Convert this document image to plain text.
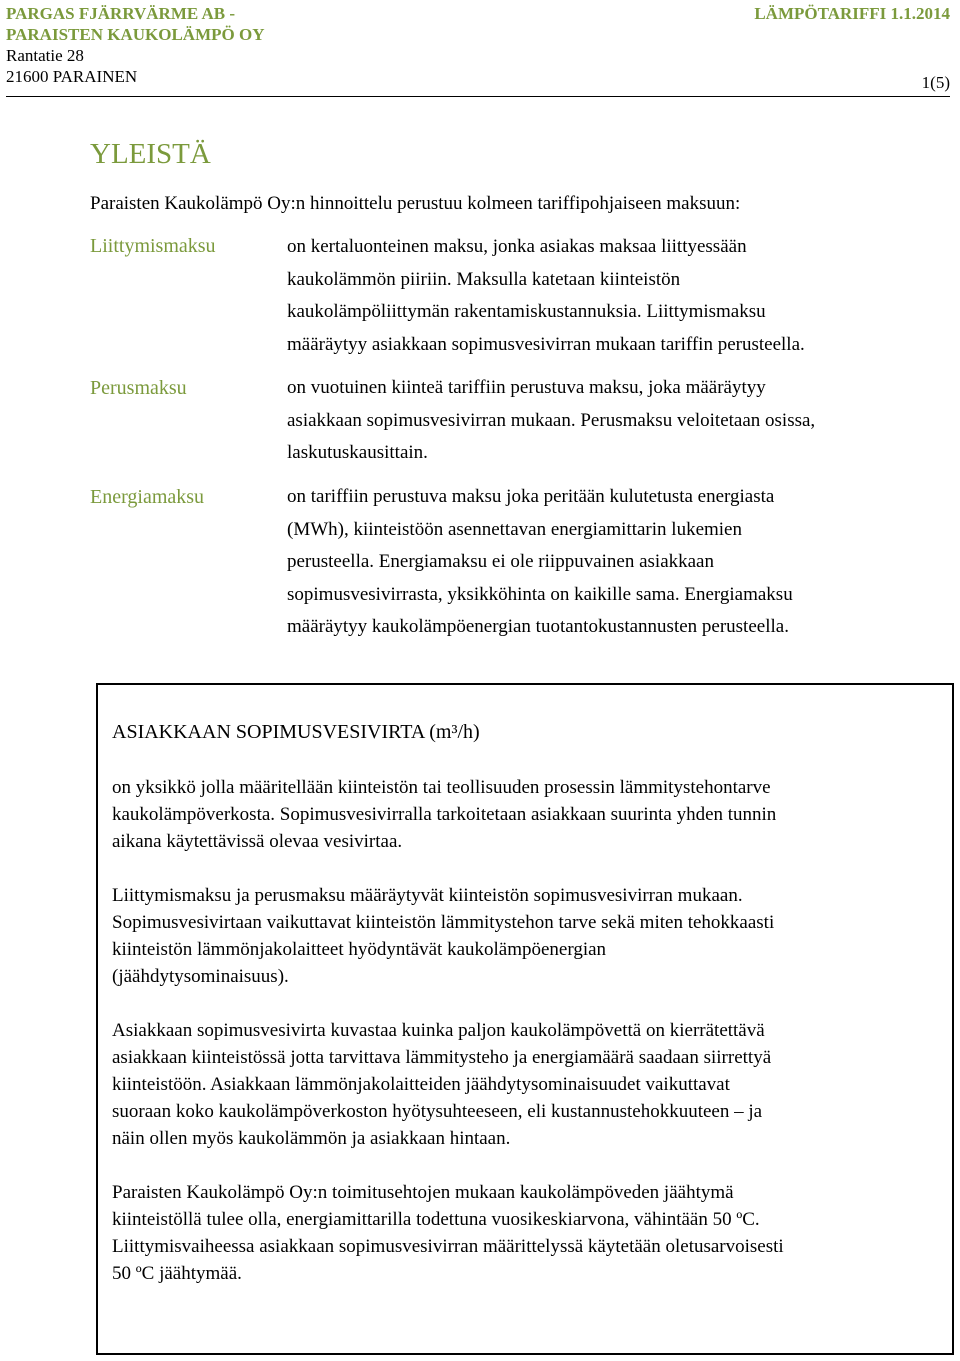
PARGAS FJÄRRVÄRME AB -
PARAISTEN KAUKOLÄMPÖ OY
Rantatie 28
21600 PARAINEN
LÄMPÖTARIFFI 1.1.2014
1(5)
YLEISTÄ
Paraisten Kaukolämpö Oy:n hinnoittelu perustuu kolmeen tariffipohjaiseen maksuun:
Liittymismaksu	on kertaluonteinen maksu, jonka asiakas maksaa liittyessään
kaukolämmön piiriin. Maksulla katetaan kiinteistön
kaukolämpöliittymän rakentamiskustannuksia. Liittymismaksu
määräytyy asiakkaan sopimusvesivirran mukaan tariffin perusteella.
Perusmaksu	on vuotuinen kiinteä tariffiin perustuva maksu, joka määräytyy
asiakkaan sopimusvesivirran mukaan. Perusmaksu veloitetaan osissa,
laskutuskausittain.
Energiamaksu	on tariffiin perustuva maksu joka peritään kulutetusta energiasta
(MWh), kiinteistöön asennettavan energiamittarin lukemien
perusteella. Energiamaksu ei ole riippuvainen asiakkaan
sopimusvesivirrasta, yksikköhinta on kaikille sama. Energiamaksu
määräytyy kaukolämpöenergian tuotantokustannusten perusteella.
ASIAKKAAN SOPIMUSVESIVIRTA (m³/h)
on yksikkö jolla määritellään kiinteistön tai teollisuuden prosessin lämmitystehontarve
kaukolämpöverkosta. Sopimusvesivirralla tarkoitetaan asiakkaan suurinta yhden tunnin
aikana käytettävissä olevaa vesivirtaa.
Liittymismaksu ja perusmaksu määräytyvät kiinteistön sopimusvesivirran mukaan.
Sopimusvesivirtaan vaikuttavat kiinteistön lämmitystehon tarve sekä miten tehokkaasti
kiinteistön lämmönjakolaitteet hyödyntävät kaukolämpöenergian
(jäähdytysominaisuus).
Asiakkaan sopimusvesivirta kuvastaa kuinka paljon kaukolämpövettä on kierrätettävä
asiakkaan kiinteistössä jotta tarvittava lämmitysteho ja energiamäärä saadaan siirrettyä
kiinteistöön. Asiakkaan lämmönjakolaitteiden jäähdytysominaisuudet vaikuttavat
suoraan koko kaukolämpöverkoston hyötysuhteeseen, eli kustannustehokkuuteen – ja
näin ollen myös kaukolämmön ja asiakkaan hintaan.
Paraisten Kaukolämpö Oy:n toimitusehtojen mukaan kaukolämpöveden jäähtymä
kiinteistöllä tulee olla, energiamittarilla todettuna vuosikeskiarvona, vähintään 50 ºC.
Liittymisvaiheessa asiakkaan sopimusvesivirran määrittelyssä käytetään oletusarvoisesti
50 ºC jäähtymää.
